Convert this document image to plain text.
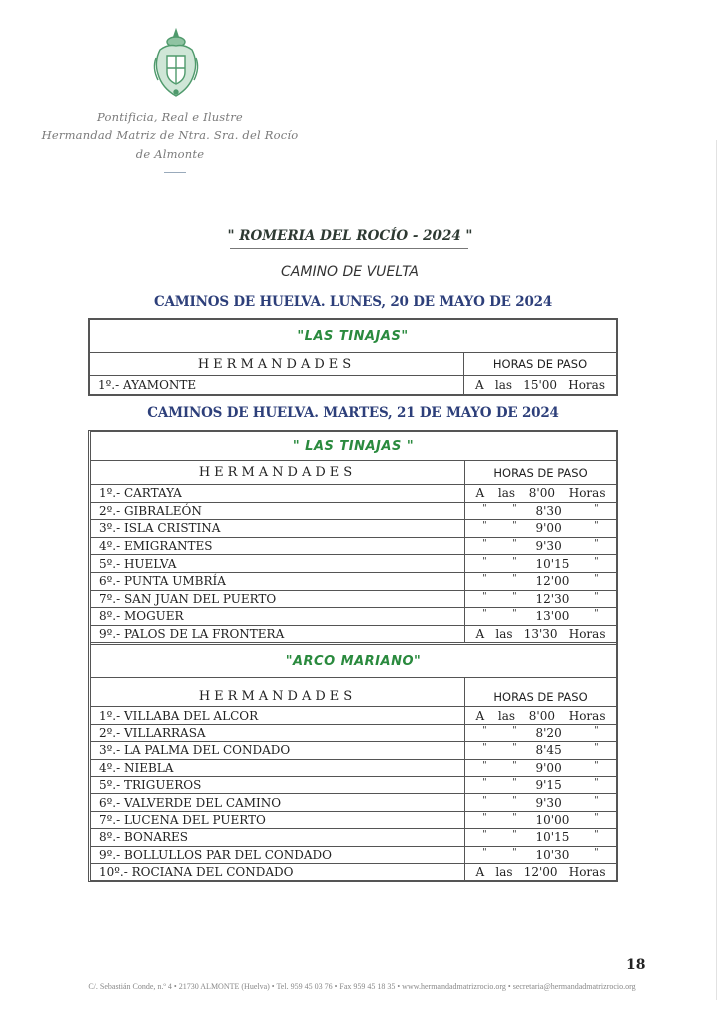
Pontificia, Real e Ilustre
Hermandad Matriz de Ntra. Sra. del Rocío
de Almonte
" ROMERIA DEL ROCÍO - 2024 "
CAMINO DE VUELTA
CAMINOS DE HUELVA. LUNES, 20 DE MAYO DE 2024
"LAS TINAJAS"
HERMANDADES	HORAS DE PASO
1º.- AYAMONTE	A las 15'00 Horas
CAMINOS DE HUELVA. MARTES, 21 DE MAYO DE 2024
" LAS TINAJAS "
HERMANDADES	HORAS DE PASO
1º.- CARTAYA	A las 8'00 Horas
2º.- GIBRALEÓN	"	"	8'30	"
3º.- ISLA CRISTINA	"	"	9'00	"
4º.- EMIGRANTES	"	"	9'30	"
5º.- HUELVA	"	"	10'15	"
6º.- PUNTA UMBRÍA	"	"	12'00	"
7º.- SAN JUAN DEL PUERTO	"	"	12'30	"
8º.- MOGUER	"	"	13'00	"
9º.- PALOS DE LA FRONTERA	A las 13'30 Horas
"ARCO MARIANO"
HERMANDADES	HORAS DE PASO
1º.- VILLABA DEL ALCOR	A las 8'00 Horas
2º.- VILLARRASA	"	"	8'20	"
3º.- LA PALMA DEL CONDADO	"	"	8'45	"
4º.- NIEBLA	"	"	9'00	"
5º.- TRIGUEROS	"	"	9'15	"
6º.- VALVERDE DEL CAMINO	"	"	9'30	"
7º.- LUCENA DEL PUERTO	"	"	10'00	"
8º.- BONARES	"	"	10'15	"
9º.- BOLLULLOS PAR DEL CONDADO	"	"	10'30	"
10º.- ROCIANA DEL CONDADO	A las 12'00 Horas
18
C/. Sebastián Conde, n.º 4 • 21730 ALMONTE (Huelva) • Tel. 959 45 03 76 • Fax 959 45 18 35 • www.hermandadmatrizrocio.org • secretaria@hermandadmatrizrocio.org
